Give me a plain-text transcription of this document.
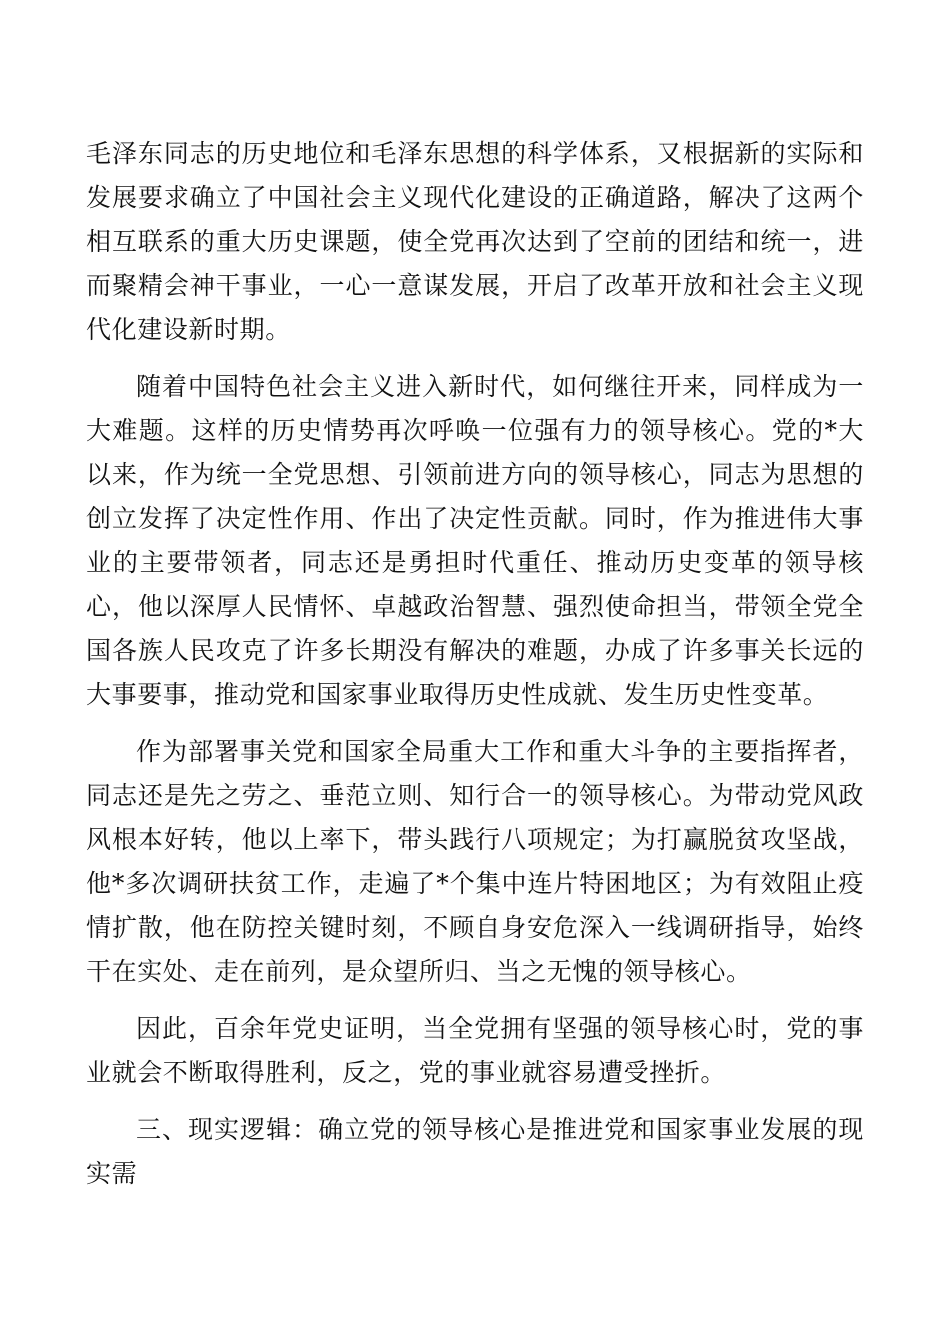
毛泽东同志的历史地位和毛泽东思想的科学体系，又根据新的实际和发展要求确立了中国社会主义现代化建设的正确道路，解决了这两个相互联系的重大历史课题，使全党再次达到了空前的团结和统一，进而聚精会神干事业，一心一意谋发展，开启了改革开放和社会主义现代化建设新时期。

随着中国特色社会主义进入新时代，如何继往开来，同样成为一大难题。这样的历史情势再次呼唤一位强有力的领导核心。党的*大以来，作为统一全党思想、引领前进方向的领导核心，同志为思想的创立发挥了决定性作用、作出了决定性贡献。同时，作为推进伟大事业的主要带领者，同志还是勇担时代重任、推动历史变革的领导核心，他以深厚人民情怀、卓越政治智慧、强烈使命担当，带领全党全国各族人民攻克了许多长期没有解决的难题，办成了许多事关长远的大事要事，推动党和国家事业取得历史性成就、发生历史性变革。

作为部署事关党和国家全局重大工作和重大斗争的主要指挥者，同志还是先之劳之、垂范立则、知行合一的领导核心。为带动党风政风根本好转，他以上率下，带头践行八项规定；为打赢脱贫攻坚战，他*多次调研扶贫工作，走遍了*个集中连片特困地区；为有效阻止疫情扩散，他在防控关键时刻，不顾自身安危深入一线调研指导，始终干在实处、走在前列，是众望所归、当之无愧的领导核心。

因此，百余年党史证明，当全党拥有坚强的领导核心时，党的事业就会不断取得胜利，反之，党的事业就容易遭受挫折。

三、现实逻辑：确立党的领导核心是推进党和国家事业发展的现实需
